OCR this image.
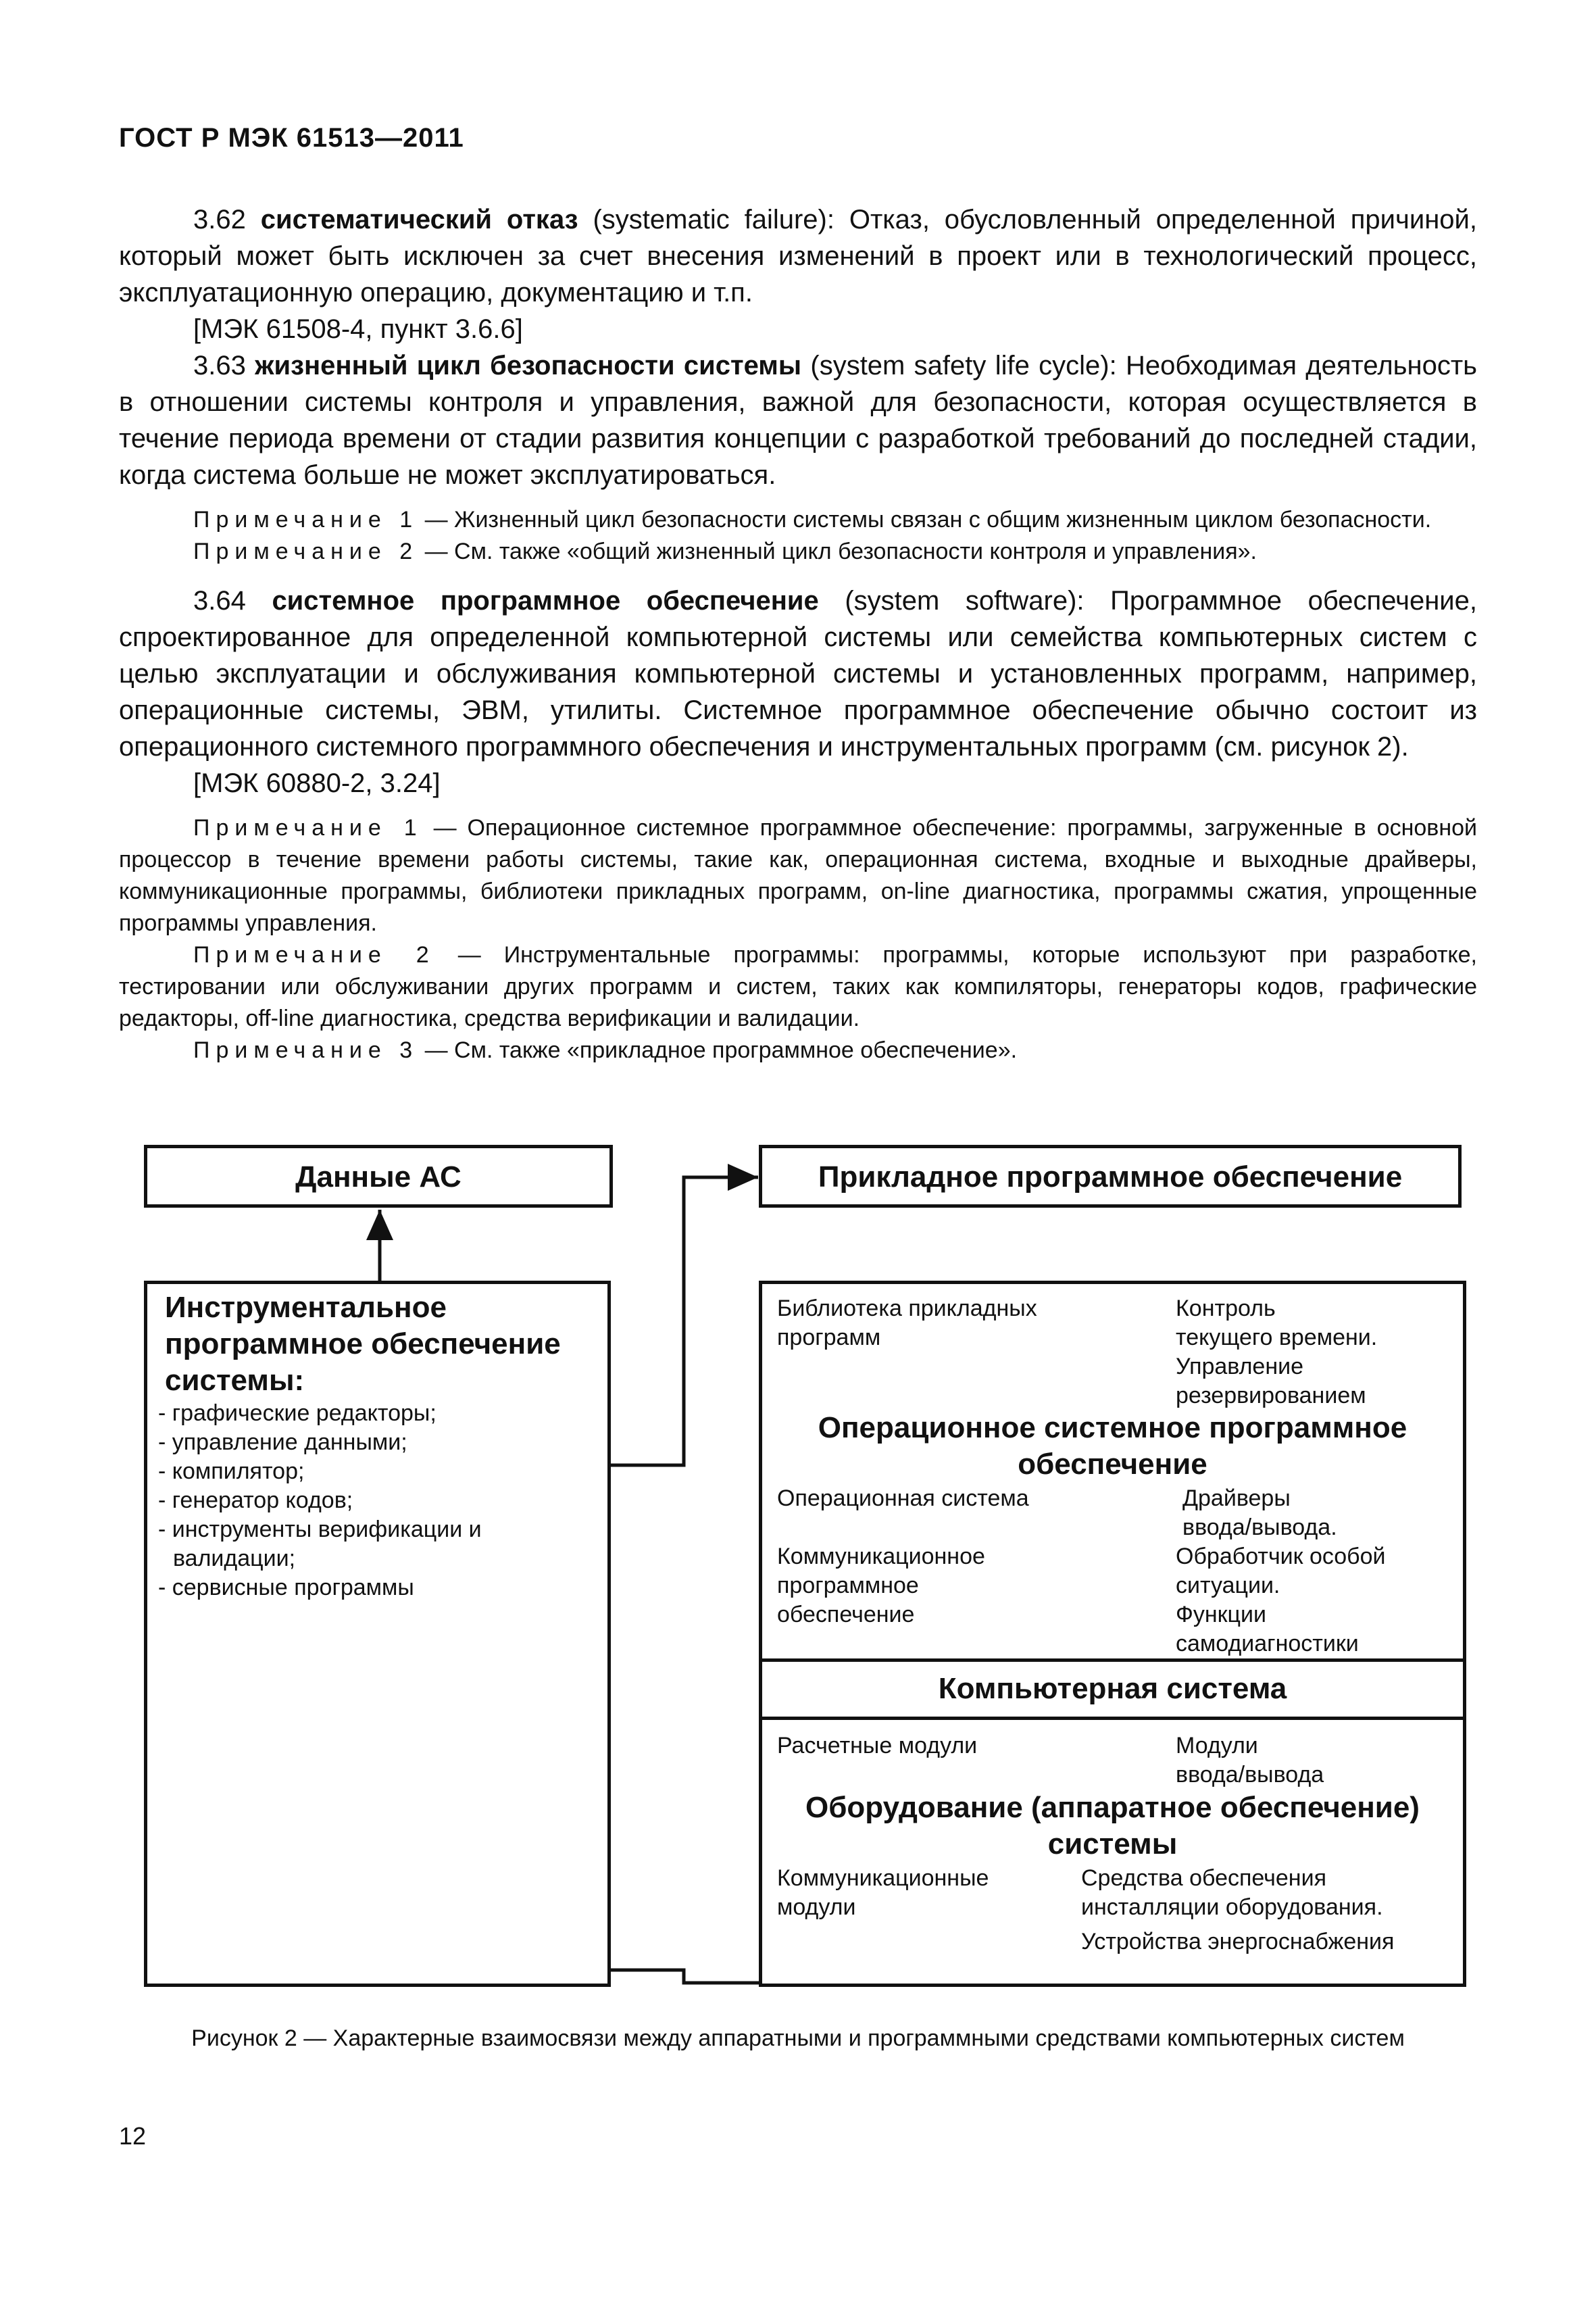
ГОСТ Р МЭК 61513—2011

3.62 систематический отказ (systematic failure): Отказ, обусловленный определенной причиной, который может быть исключен за счет внесения изменений в проект или в технологический процесс, эксплуатационную операцию, документацию и т.п.

[МЭК 61508-4, пункт 3.6.6]

3.63 жизненный цикл безопасности системы (system safety life cycle): Необходимая деятельность в отношении системы контроля и управления, важной для безопасности, которая осуществляется в течение периода времени от стадии развития концепции с разработкой требований до последней стадии, когда система больше не может эксплуатироваться.

Примечание 1 — Жизненный цикл безопасности системы связан с общим жизненным циклом безопасности.

Примечание 2 — См. также «общий жизненный цикл безопасности контроля и управления».

3.64 системное программное обеспечение (system software): Программное обеспечение, спроектированное для определенной компьютерной системы или семейства компьютерных систем с целью эксплуатации и обслуживания компьютерной системы и установленных программ, например, операционные системы, ЭВМ, утилиты. Системное программное обеспечение обычно состоит из операционного системного программного обеспечения и инструментальных программ (см. рисунок 2).

[МЭК 60880-2, 3.24]

Примечание 1 — Операционное системное программное обеспечение: программы, загруженные в основной процессор в течение времени работы системы, такие как, операционная система, входные и выходные драйверы, коммуникационные программы, библиотеки прикладных программ, on-line диагностика, программы сжатия, упрощенные программы управления.

Примечание 2 — Инструментальные программы: программы, которые используют при разработке, тестировании или обслуживании других программ и систем, таких как компиляторы, генераторы кодов, графические редакторы, off-line диагностика, средства верификации и валидации.

Примечание 3 — См. также «прикладное программное обеспечение».

Данные АС	Прикладное программное обеспечение
Инструментальное
программное обеспечение
системы:
- графические редакторы;
- управление данными;
- компилятор;
- генератор кодов;
- инструменты верификации и
валидации;
- сервисные программы
Библиотека прикладных
программ
Контроль
текущего времени.
Управление
резервированием
Операционное системное программное
обеспечение
Операционная система	Драйверы
ввода/вывода.
Коммуникационное
программное
обеспечение
Обработчик особой
ситуации.
Функции
самодиагностики
Компьютерная система
Расчетные модули	Модули
ввода/вывода
Оборудование (аппаратное обеспечение)
системы
Коммуникационные
модули
Средства обеспечения
инсталляции оборудования.
Устройства энергоснабжения
Рисунок 2 — Характерные взаимосвязи между аппаратными и программными средствами компьютерных систем
12
